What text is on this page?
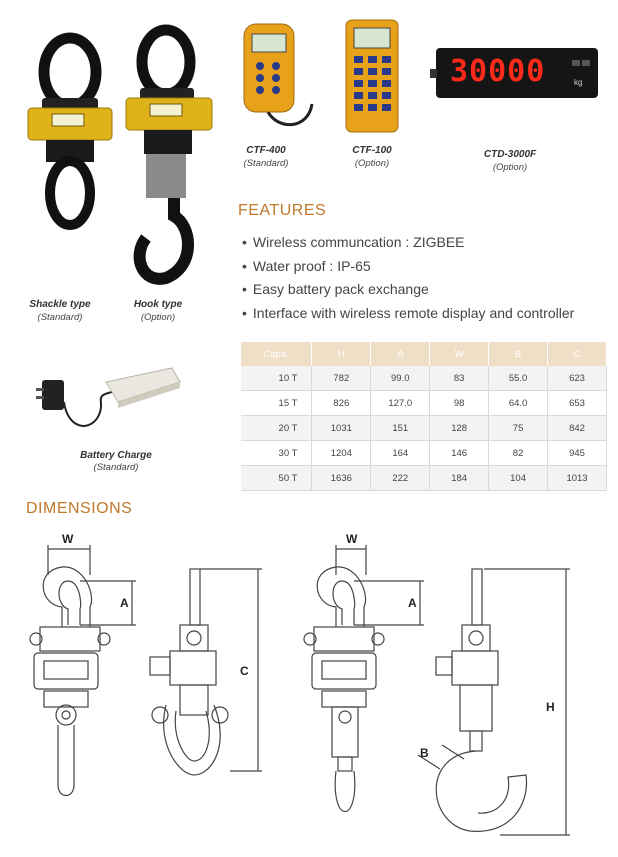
30000	kg
CTF-400
(Standard)
CTF-100
(Option)
CTD-3000F
(Option)
Shackle type
(Standard)
Hook type
(Option)
Battery Charge
(Standard)
FEATURES
• Wireless communcation : ZIGBEE
• Water proof : IP-65
• Easy battery pack exchange
• Interface with wireless remote display and controller
Capa.	H	A	W	B	C
10 T	782	99.0	83	55.0	623
15 T	826	127.0	98	64.0	653
20 T	1031	151	128	75	842
30 T	1204	164	146	82	945
50 T	1636	222	184	104	1013
DIMENSIONS
W
A
C
W
A
B
H
